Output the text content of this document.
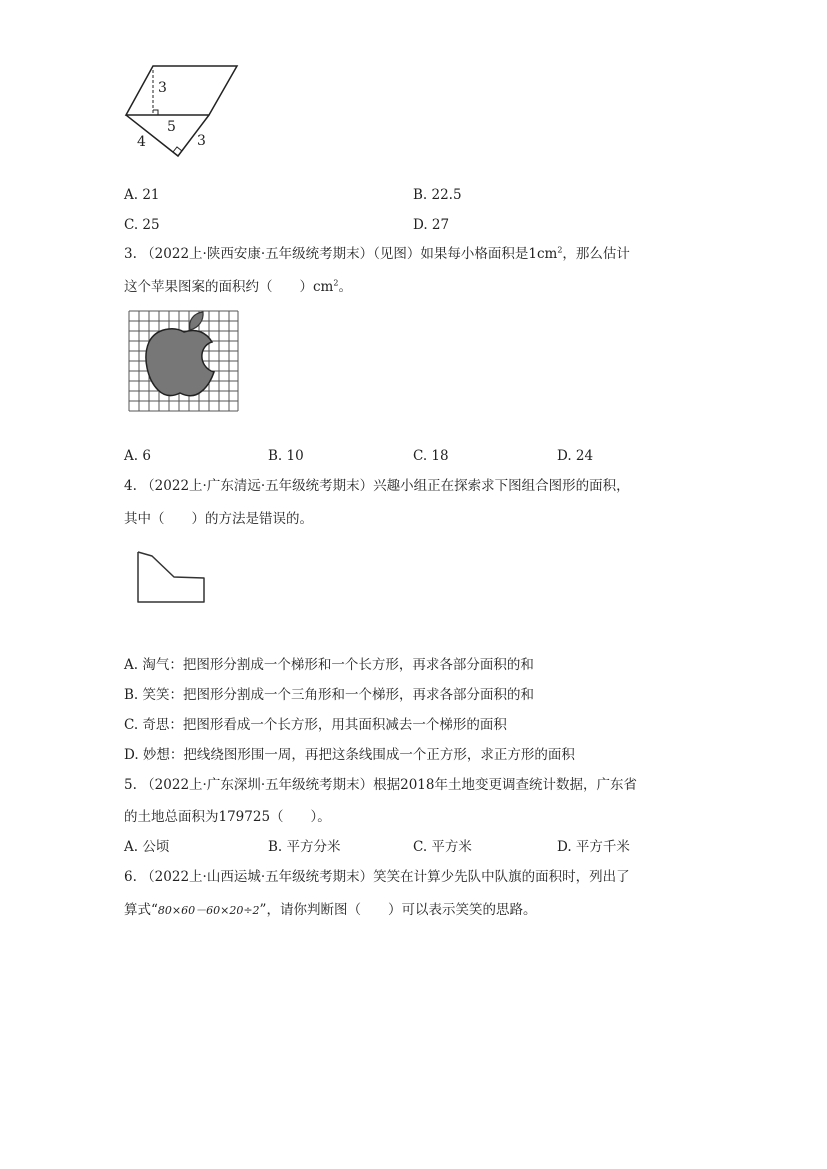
3
5
4	3
A. 21	B. 22.5
C. 25	D. 27
3. （2022上·陕西安康·五年级统考期末）（见图）如果每小格面积是$1cm^2$，那么估计
这个苹果图案的面积约（　　）$cm^2$。
A. 6	B. 10	C. 18	D. 24
4. （2022上·广东清远·五年级统考期末）兴趣小组正在探索求下图组合图形的面积，
其中（　　）的方法是错误的。
A. 淘气：把图形分割成一个梯形和一个长方形，再求各部分面积的和
B. 笑笑：把图形分割成一个三角形和一个梯形，再求各部分面积的和
C. 奇思：把图形看成一个长方形，用其面积减去一个梯形的面积
D. 妙想：把线绕图形围一周，再把这条线围成一个正方形，求正方形的面积
5. （2022上·广东深圳·五年级统考期末）根据2018年土地变更调查统计数据，广东省
的土地总面积为179725（　　）。
A. 公顷	B. 平方分米	C. 平方米	D. 平方千米
6. （2022上·山西运城·五年级统考期末）笑笑在计算少先队中队旗的面积时，列出了
算式“80×60－60×20÷2”，请你判断图（　　）可以表示笑笑的思路。
